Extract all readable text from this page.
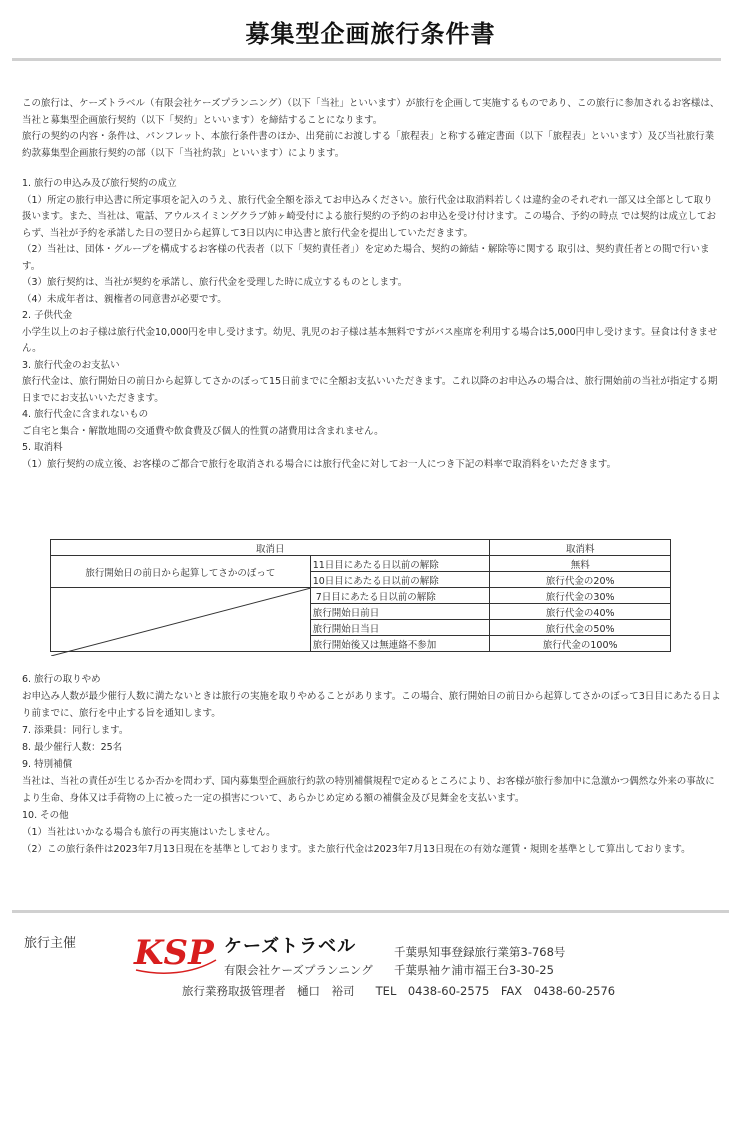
募集型企画旅行条件書

この旅行は、ケーズトラベル（有限会社ケーズプランニング）（以下「当社」といいます）が旅行を企画して実施するものであり、この旅行に参加されるお客様は、当社と募集型企画旅行契約（以下「契約」といいます）を締結することになります。

旅行の契約の内容・条件は、パンフレット、本旅行条件書のほか、出発前にお渡しする「旅程表」と称する確定書面（以下「旅程表」といいます）及び当社旅行業約款募集型企画旅行契約の部（以下「当社約款」といいます）によります。

1. 旅行の申込み及び旅行契約の成立

（1）所定の旅行申込書に所定事項を記入のうえ、旅行代金全額を添えてお申込みください。旅行代金は取消料若しくは違約金のそれぞれ一部又は全部として取り扱います。また、当社は、電話、アウルスイミングクラブ姉ヶ崎受付による旅行契約の予約のお申込を受け付けます。この場合、予約の時点 では契約は成立しておらず、当社が予約を承諾した日の翌日から起算して3日以内に申込書と旅行代金を提出していただきます。

（2）当社は、団体・グループを構成するお客様の代表者（以下「契約責任者」）を定めた場合、契約の締結・解除等に関する 取引は、契約責任者との間で行います。

（3）旅行契約は、当社が契約を承諾し、旅行代金を受理した時に成立するものとします。

（4）未成年者は、親権者の同意書が必要です。

2. 子供代金

小学生以上のお子様は旅行代金10,000円を申し受けます。幼児、乳児のお子様は基本無料ですがバス座席を利用する場合は5,000円申し受けます。昼食は付きません。

3. 旅行代金のお支払い

旅行代金は、旅行開始日の前日から起算してさかのぼって15日前までに全額お支払いいただきます。これ以降のお申込みの場合は、旅行開始前の当社が指定する期日までにお支払いいただきます。

4. 旅行代金に含まれないもの

ご自宅と集合・解散地間の交通費や飲食費及び個人的性質の諸費用は含まれません。

5. 取消料

（1）旅行契約の成立後、お客様のご都合で旅行を取消される場合には旅行代金に対してお一人につき下記の料率で取消料をいただきます。

取消日		取消料
旅行開始日の前日から起算してさかのぼって	11日目にあたる日以前の解除	無料
	10日目にあたる日以前の解除	旅行代金の20%

	7日目にあたる日以前の解除	旅行代金の30%
	旅行開始日前日	旅行代金の40%
	旅行開始日当日	旅行代金の50%
	旅行開始後又は無連絡不参加	旅行代金の100%

6. 旅行の取りやめ

お申込み人数が最少催行人数に満たないときは旅行の実施を取りやめることがあります。この場合、旅行開始日の前日から起算してさかのぼって3日目にあたる日より前までに、旅行を中止する旨を通知します。

7. 添乗員：同行します。

8. 最少催行人数：25名

9. 特別補償

当社は、当社の責任が生じるか否かを問わず、国内募集型企画旅行約款の特別補償規程で定めるところにより、お客様が旅行参加中に急激かつ偶然な外来の事故により生命、身体又は手荷物の上に被った一定の損害について、あらかじめ定める額の補償金及び見舞金を支払います。

10. その他

（1）当社はいかなる場合も旅行の再実施はいたしません。

（2）この旅行条件は2023年7月13日現在を基準としております。また旅行代金は2023年7月13日現在の有効な運賃・規則を基準として算出しております。

旅行主催 KSP ケーズトラベル	千葉県知事登録旅行業第3-768号
有限会社ケーズプランニング 千葉県袖ケ浦市福王台3-30-25
旅行業務取扱管理者　樋口　裕司　 TEL　0438-60-2575　FAX　0438-60-2576
